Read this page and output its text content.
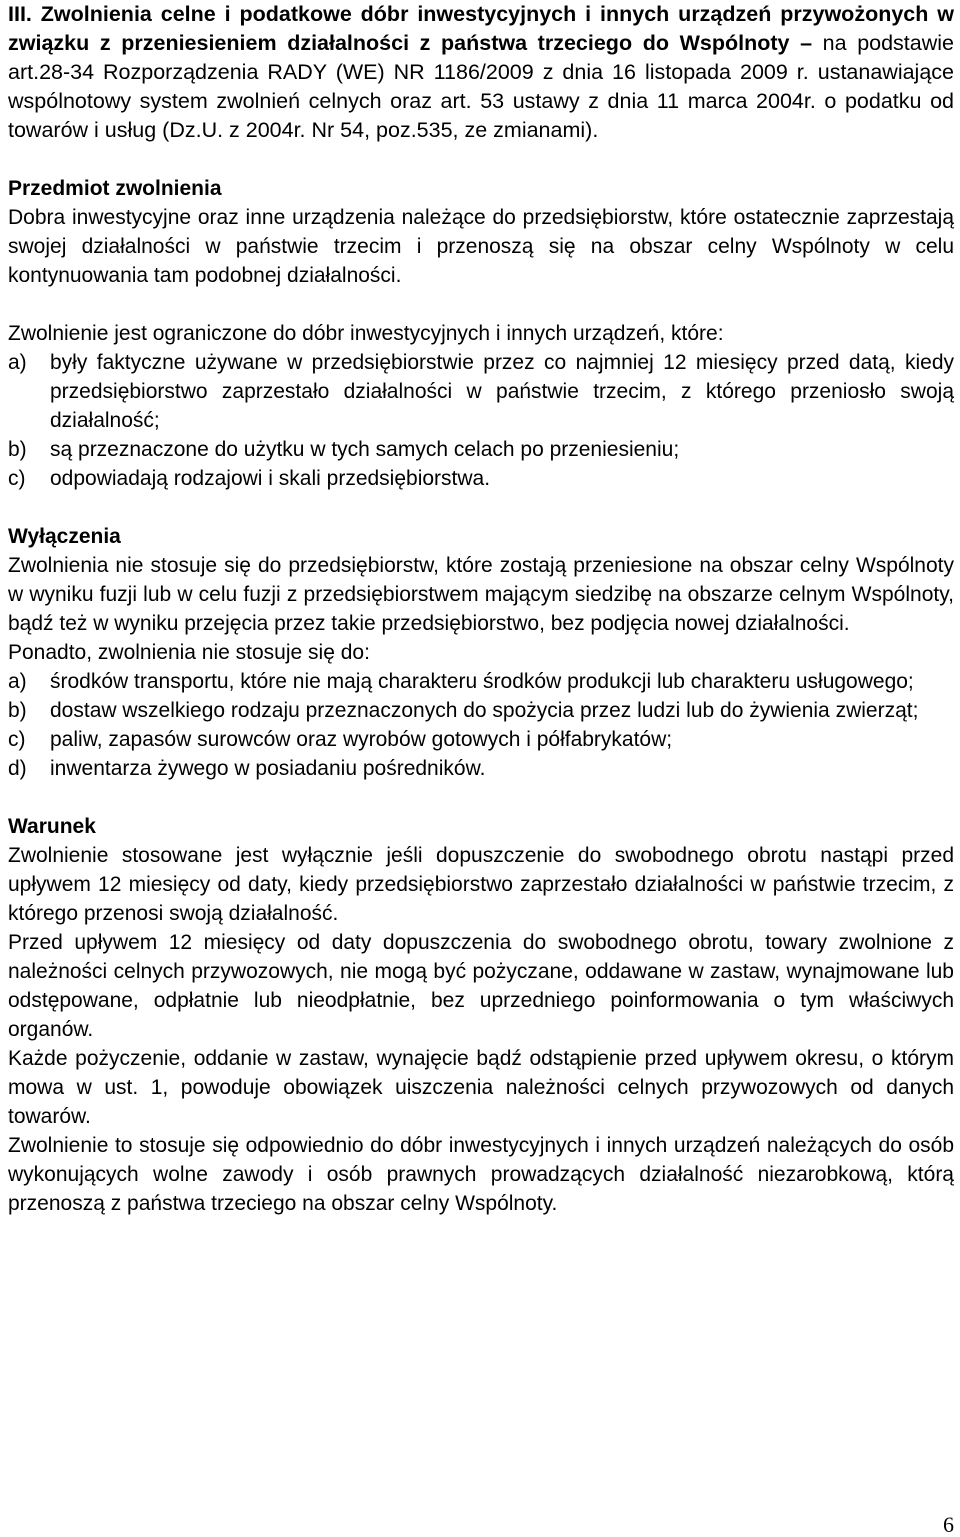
III. Zwolnienia celne i podatkowe dóbr inwestycyjnych i innych urządzeń przywożonych w związku z przeniesieniem działalności z państwa trzeciego do Wspólnoty – na podstawie art.28-34 Rozporządzenia RADY (WE) NR 1186/2009 z dnia 16 listopada 2009 r. ustanawiające wspólnotowy system zwolnień celnych oraz art. 53 ustawy z dnia 11 marca 2004r. o podatku od towarów i usług (Dz.U. z 2004r. Nr 54, poz.535, ze zmianami).

Przedmiot zwolnienia

Dobra inwestycyjne oraz inne urządzenia należące do przedsiębiorstw, które ostatecznie zaprzestają swojej działalności w państwie trzecim i przenoszą się na obszar celny Wspólnoty w celu kontynuowania tam podobnej działalności.

Zwolnienie jest ograniczone do dóbr inwestycyjnych i innych urządzeń, które:

a) były faktyczne używane w przedsiębiorstwie przez co najmniej 12 miesięcy przed datą, kiedy przedsiębiorstwo zaprzestało działalności w państwie trzecim, z którego przeniosło swoją działalność;
b) są przeznaczone do użytku w tych samych celach po przeniesieniu;
c) odpowiadają rodzajowi i skali przedsiębiorstwa.

Wyłączenia

Zwolnienia nie stosuje się do przedsiębiorstw, które zostają przeniesione na obszar celny Wspólnoty w wyniku fuzji lub w celu fuzji z przedsiębiorstwem mającym siedzibę na obszarze celnym Wspólnoty, bądź też w wyniku przejęcia przez takie przedsiębiorstwo, bez podjęcia nowej działalności.

Ponadto, zwolnienia nie stosuje się do:

a) środków transportu, które nie mają charakteru środków produkcji lub charakteru usługowego;
b) dostaw wszelkiego rodzaju przeznaczonych do spożycia przez ludzi lub do żywienia zwierząt;
c) paliw, zapasów surowców oraz wyrobów gotowych i półfabrykatów;
d) inwentarza żywego w posiadaniu pośredników.

Warunek

Zwolnienie stosowane jest wyłącznie jeśli dopuszczenie do swobodnego obrotu nastąpi przed upływem 12 miesięcy od daty, kiedy przedsiębiorstwo zaprzestało działalności w państwie trzecim, z którego przenosi swoją działalność.

Przed upływem 12 miesięcy od daty dopuszczenia do swobodnego obrotu, towary zwolnione z należności celnych przywozowych, nie mogą być pożyczane, oddawane w zastaw, wynajmowane lub odstępowane, odpłatnie lub nieodpłatnie, bez uprzedniego poinformowania o tym właściwych organów.

Każde pożyczenie, oddanie w zastaw, wynajęcie bądź odstąpienie przed upływem okresu, o którym mowa w ust. 1, powoduje obowiązek uiszczenia należności celnych przywozowych od danych towarów.

Zwolnienie to stosuje się odpowiednio do dóbr inwestycyjnych i innych urządzeń należących do osób wykonujących wolne zawody i osób prawnych prowadzących działalność niezarobkową, którą przenoszą z państwa trzeciego na obszar celny Wspólnoty.

6
